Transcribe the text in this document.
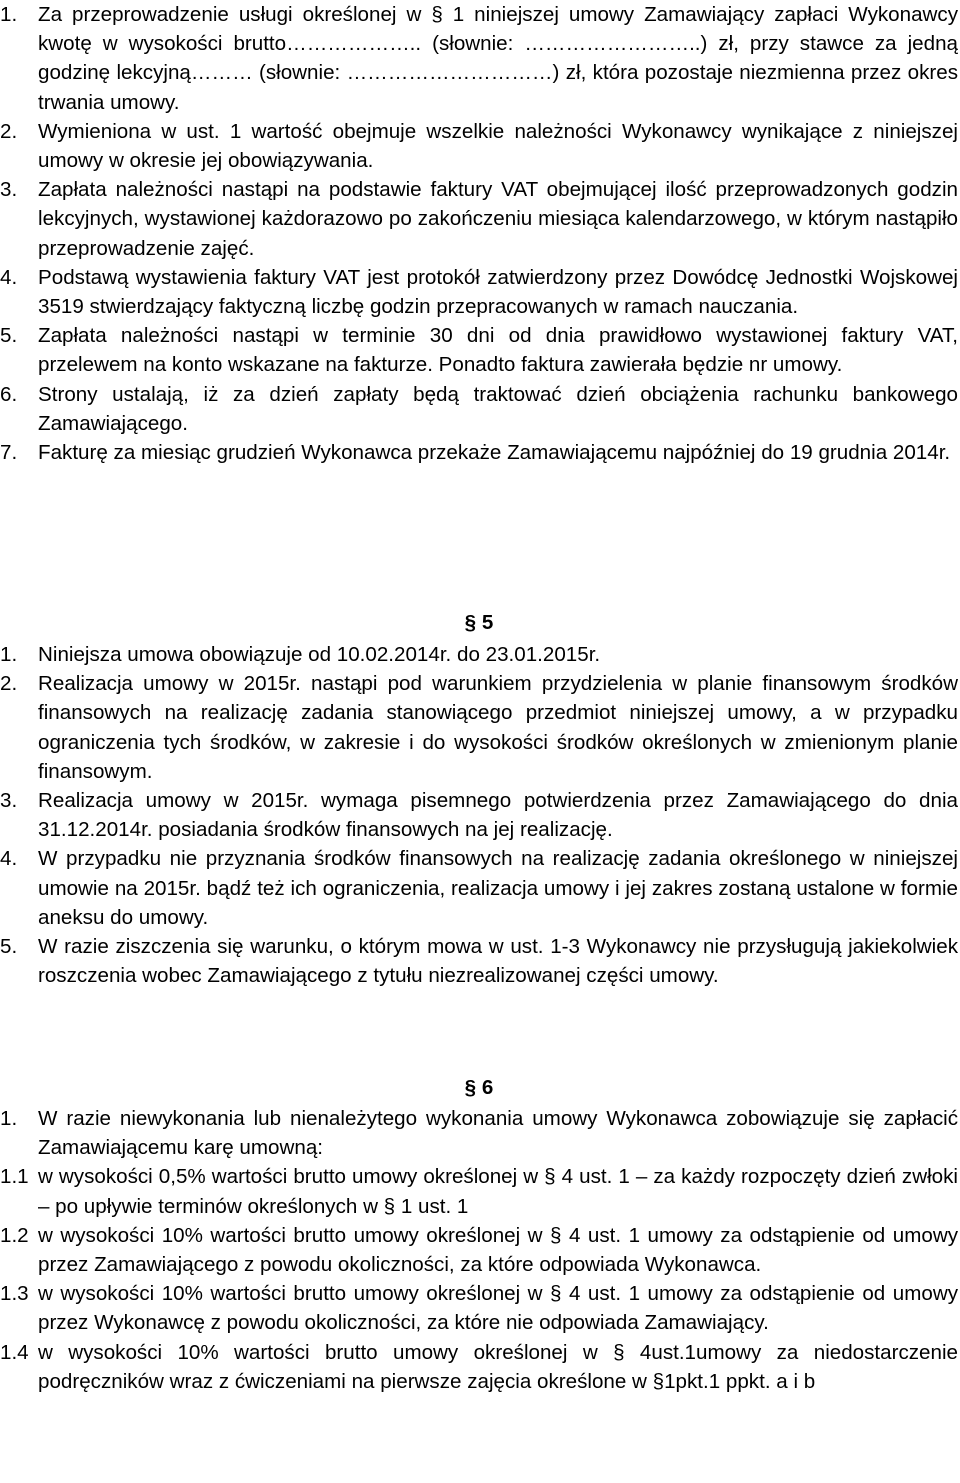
1. Za przeprowadzenie usługi określonej w § 1 niniejszej umowy Zamawiający zapłaci Wykonawcy kwotę w wysokości brutto……………….. (słownie: ……………………..) zł, przy stawce za jedną godzinę lekcyjną……… (słownie: …………………………) zł, która pozostaje niezmienna przez okres trwania umowy.
2. Wymieniona w ust. 1 wartość obejmuje wszelkie należności Wykonawcy wynikające z niniejszej umowy w okresie jej obowiązywania.
3. Zapłata należności nastąpi na podstawie faktury VAT obejmującej ilość przeprowadzonych godzin lekcyjnych, wystawionej każdorazowo po zakończeniu miesiąca kalendarzowego, w którym nastąpiło przeprowadzenie zajęć.
4. Podstawą wystawienia faktury VAT jest protokół zatwierdzony przez Dowódcę Jednostki Wojskowej 3519 stwierdzający faktyczną liczbę godzin przepracowanych w ramach nauczania.
5. Zapłata należności nastąpi w terminie 30 dni od dnia prawidłowo wystawionej faktury VAT, przelewem na konto wskazane na fakturze. Ponadto faktura zawierała będzie nr umowy.
6. Strony ustalają, iż za dzień zapłaty będą traktować dzień obciążenia rachunku bankowego Zamawiającego.
7. Fakturę za miesiąc grudzień Wykonawca przekaże Zamawiającemu najpóźniej do 19 grudnia 2014r.
§ 5
1. Niniejsza umowa obowiązuje od 10.02.2014r. do 23.01.2015r.
2. Realizacja umowy w 2015r. nastąpi pod warunkiem przydzielenia w planie finansowym środków finansowych na realizację zadania stanowiącego przedmiot niniejszej umowy, a w przypadku ograniczenia tych środków, w zakresie i do wysokości środków określonych w zmienionym planie finansowym.
3. Realizacja umowy w 2015r. wymaga pisemnego potwierdzenia przez Zamawiającego do dnia 31.12.2014r. posiadania środków finansowych na jej realizację.
4. W przypadku nie przyznania środków finansowych na realizację zadania określonego w niniejszej umowie na 2015r. bądź też ich ograniczenia, realizacja umowy i jej zakres zostaną ustalone w formie aneksu do umowy.
5. W razie ziszczenia się warunku, o którym mowa w ust. 1-3 Wykonawcy nie przysługują jakiekolwiek roszczenia wobec Zamawiającego z tytułu niezrealizowanej części umowy.
§ 6
1. W razie niewykonania lub nienależytego wykonania umowy Wykonawca zobowiązuje się zapłacić Zamawiającemu karę umowną:
1.1 w wysokości 0,5% wartości brutto umowy określonej w § 4 ust. 1 – za każdy rozpoczęty dzień zwłoki – po upływie terminów określonych w § 1 ust. 1
1.2 w wysokości 10% wartości brutto umowy określonej w § 4 ust. 1 umowy za odstąpienie od umowy przez Zamawiającego z powodu okoliczności, za które odpowiada Wykonawca.
1.3 w wysokości 10% wartości brutto umowy określonej w § 4 ust. 1 umowy za odstąpienie od umowy przez Wykonawcę z powodu okoliczności, za które nie odpowiada Zamawiający.
1.4 w wysokości 10% wartości brutto umowy określonej w § 4ust.1umowy za niedostarczenie podręczników wraz z ćwiczeniami na pierwsze zajęcia określone w §1pkt.1 ppkt. a i b
